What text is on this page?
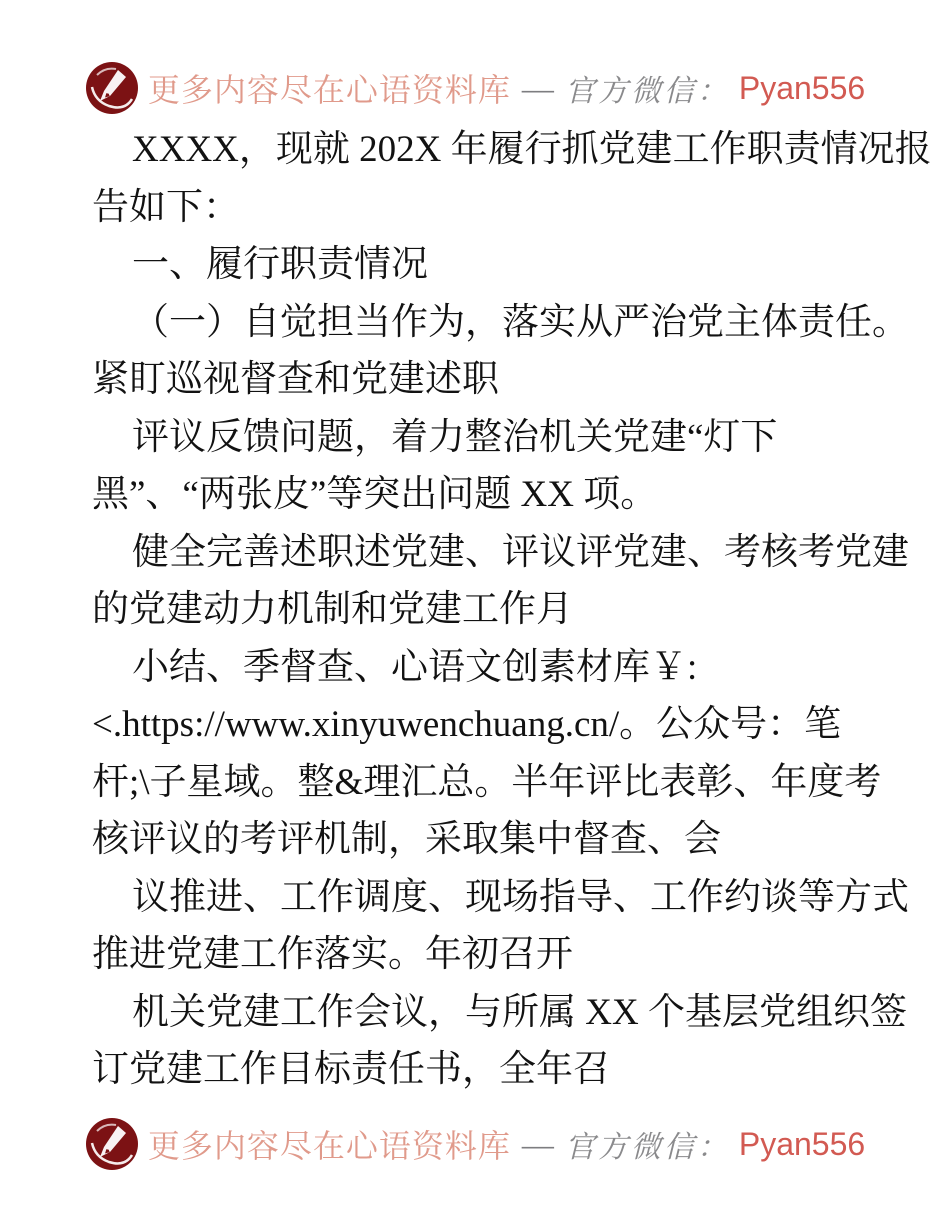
更多内容尽在心语资料库 — 官方微信： Pyan556
XXXX，现就 202X 年履行抓党建工作职责情况报
告如下：
一、履行职责情况
（一）自觉担当作为，落实从严治党主体责任。
紧盯巡视督查和党建述职
评议反馈问题，着力整治机关党建“灯下
黑”、“两张皮”等突出问题 XX 项。
健全完善述职述党建、评议评党建、考核考党建
的党建动力机制和党建工作月
小结、季督查、心语文创素材库￥:
<.https://www.xinyuwenchuang.cn/。公众号：笔
杆;\子星域。整&理汇总。半年评比表彰、年度考
核评议的考评机制，采取集中督查、会
议推进、工作调度、现场指导、工作约谈等方式
推进党建工作落实。年初召开
机关党建工作会议，与所属 XX 个基层党组织签
订党建工作目标责任书，全年召
更多内容尽在心语资料库 — 官方微信： Pyan556
